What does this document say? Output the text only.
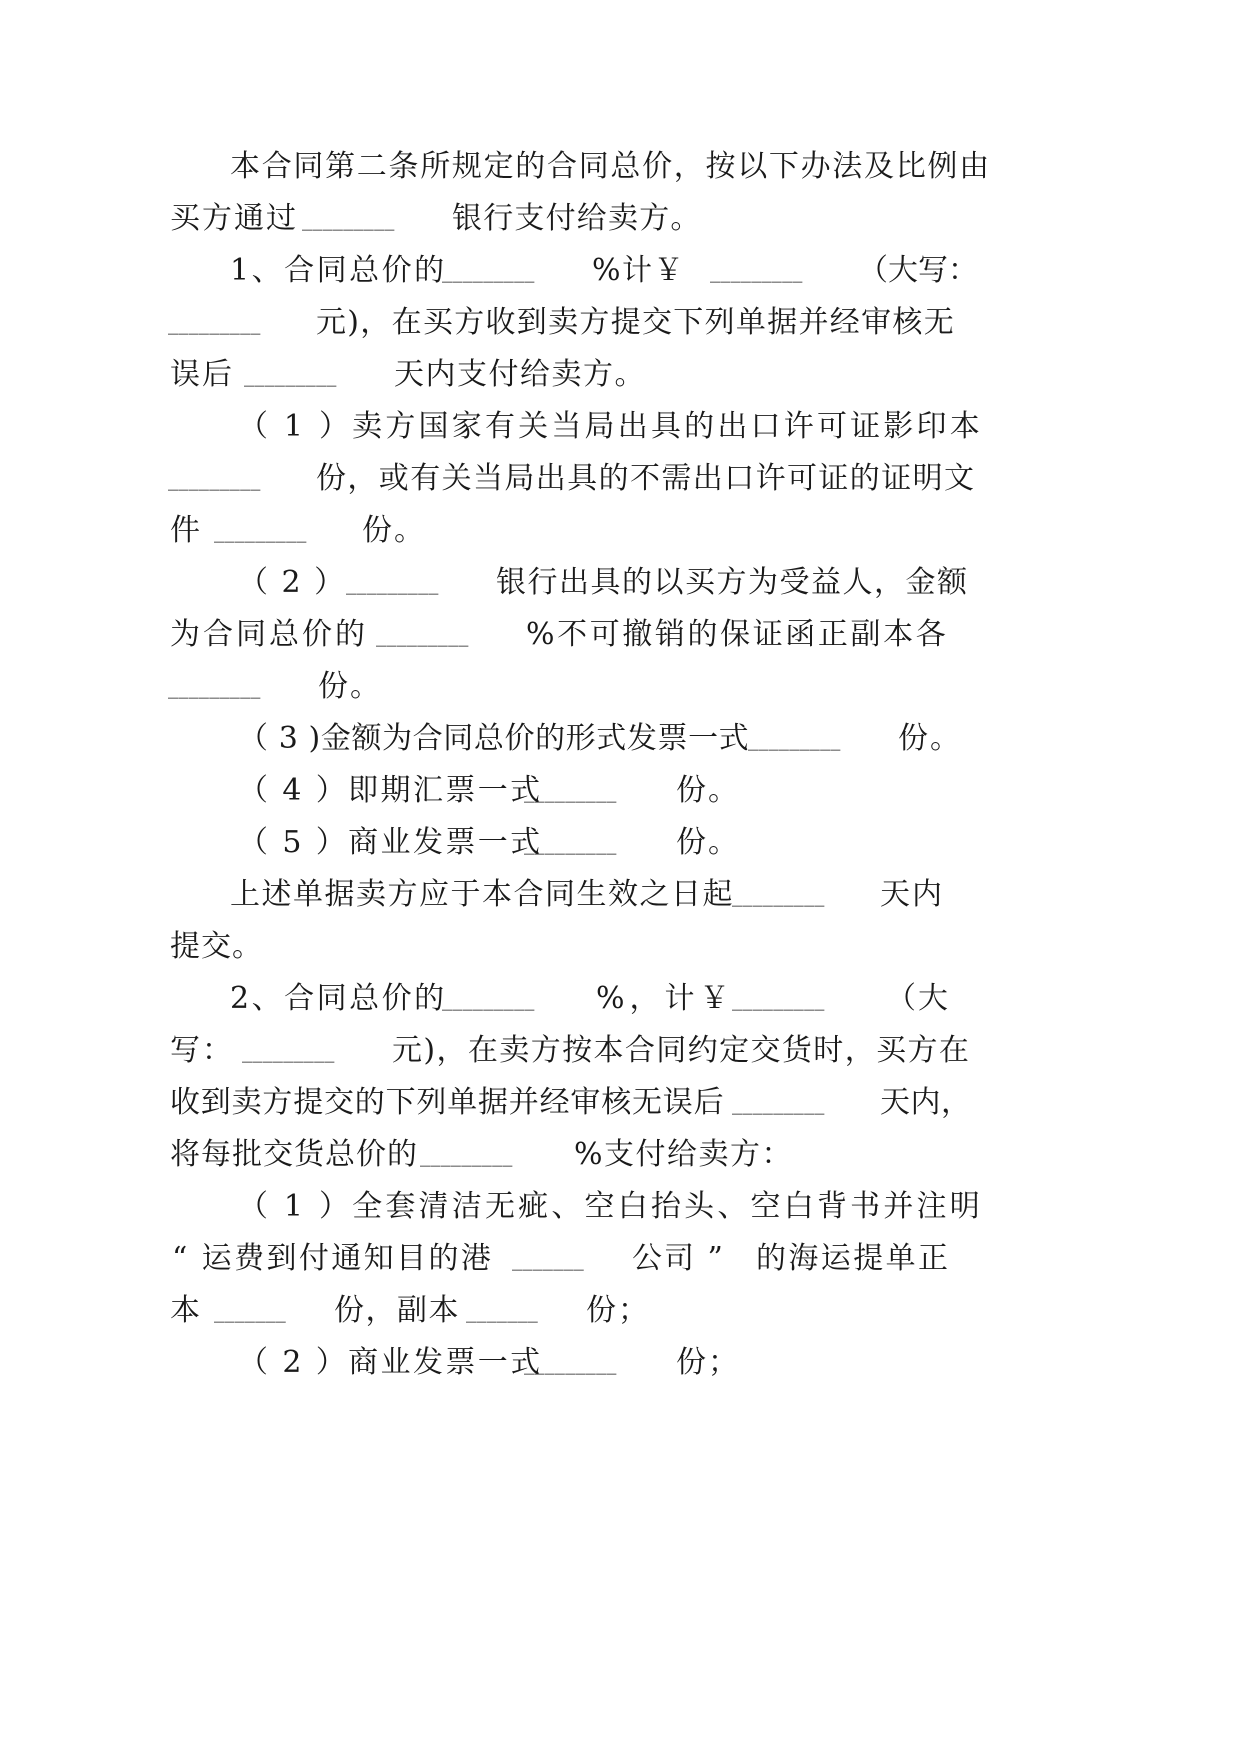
本合同第二条所规定的合同总价，按以下办法及比例由
买方通过 _________ 银行支付给卖方。
1、合同总价的
_________ %计￥ _________ （大写：
_________ 元)，在买方收到卖方提交下列单据并经审核无
误后 _________ 天内支付给卖方。
（ 1 ）卖方国家有关当局出具的出口许可证影印本
_________ 份，或有关当局出具的不需出口许可证的证明文
件 _________ 份。
（ 2 ） _________ 银行出具的以买方为受益人，金额
为合同总价的 _________ %不可撤销的保证函正副本各
_________ 份。
（ 3 )金额为合同总价的形式发票一式
_________ 份。
（ 4 ）即期汇票一式
_________ 份。
（ 5 ）商业发票一式
_________ 份。
上述单据卖方应于本合同生效之日起
_________ 天内
提交。
2、合同总价的
_________ %，计￥
_________ （大
写： _________ 元)，在卖方按本合同约定交货时，买方在
收到卖方提交的下列单据并经审核无误后 _________ 天内，
将每批交货总价的 _________ %支付给卖方：
（ 1 ）全套清洁无疵、空白抬头、空白背书并注明
“ 运费到付通知目的港 _______ 公司 ” 的海运提单正
本 _______ 份，副本 _______ 份；
（ 2 ）商业发票一式
_________ 份；
